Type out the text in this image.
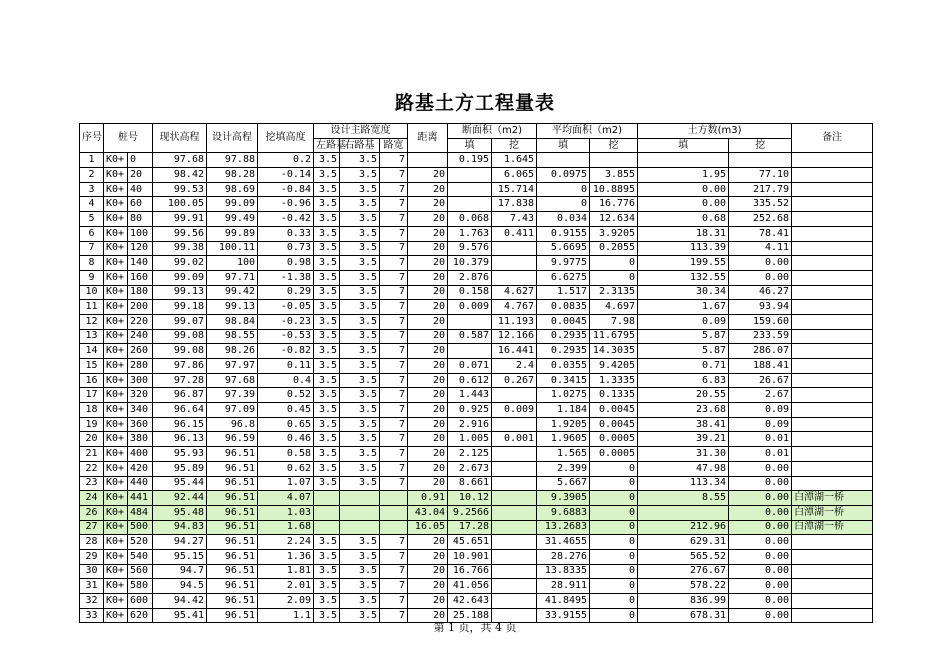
路基土方工程量表
序号	桩号		现状高程	设计高程	挖填高度	设计主路宽度			距离	断面积（m2)		平均面积（m2)		土方数(m3)		备注
						左路基	右路基	路宽		填	挖	填	挖	填	挖	
1	K0+	0	97.68	97.88	0.2	3.5	3.5	7		0.195	1.645					
2	K0+	20	98.42	98.28	-0.14	3.5	3.5	7	20		6.065	0.0975	3.855	1.95	77.10	
3	K0+	40	99.53	98.69	-0.84	3.5	3.5	7	20		15.714	0	10.8895	0.00	217.79	
4	K0+	60	100.05	99.09	-0.96	3.5	3.5	7	20		17.838	0	16.776	0.00	335.52	
5	K0+	80	99.91	99.49	-0.42	3.5	3.5	7	20	0.068	7.43	0.034	12.634	0.68	252.68	
6	K0+	100	99.56	99.89	0.33	3.5	3.5	7	20	1.763	0.411	0.9155	3.9205	18.31	78.41	
7	K0+	120	99.38	100.11	0.73	3.5	3.5	7	20	9.576		5.6695	0.2055	113.39	4.11	
8	K0+	140	99.02	100	0.98	3.5	3.5	7	20	10.379		9.9775	0	199.55	0.00	
9	K0+	160	99.09	97.71	-1.38	3.5	3.5	7	20	2.876		6.6275	0	132.55	0.00	
10	K0+	180	99.13	99.42	0.29	3.5	3.5	7	20	0.158	4.627	1.517	2.3135	30.34	46.27	
11	K0+	200	99.18	99.13	-0.05	3.5	3.5	7	20	0.009	4.767	0.0835	4.697	1.67	93.94	
12	K0+	220	99.07	98.84	-0.23	3.5	3.5	7	20		11.193	0.0045	7.98	0.09	159.60	
13	K0+	240	99.08	98.55	-0.53	3.5	3.5	7	20	0.587	12.166	0.2935	11.6795	5.87	233.59	
14	K0+	260	99.08	98.26	-0.82	3.5	3.5	7	20		16.441	0.2935	14.3035	5.87	286.07	
15	K0+	280	97.86	97.97	0.11	3.5	3.5	7	20	0.071	2.4	0.0355	9.4205	0.71	188.41	
16	K0+	300	97.28	97.68	0.4	3.5	3.5	7	20	0.612	0.267	0.3415	1.3335	6.83	26.67	
17	K0+	320	96.87	97.39	0.52	3.5	3.5	7	20	1.443		1.0275	0.1335	20.55	2.67	
18	K0+	340	96.64	97.09	0.45	3.5	3.5	7	20	0.925	0.009	1.184	0.0045	23.68	0.09	
19	K0+	360	96.15	96.8	0.65	3.5	3.5	7	20	2.916		1.9205	0.0045	38.41	0.09	
20	K0+	380	96.13	96.59	0.46	3.5	3.5	7	20	1.005	0.001	1.9605	0.0005	39.21	0.01	
21	K0+	400	95.93	96.51	0.58	3.5	3.5	7	20	2.125		1.565	0.0005	31.30	0.01	
22	K0+	420	95.89	96.51	0.62	3.5	3.5	7	20	2.673		2.399	0	47.98	0.00	
23	K0+	440	95.44	96.51	1.07	3.5	3.5	7	20	8.661		5.667	0	113.34	0.00	
24	K0+	441	92.44	96.51	4.07				0.91	10.12		9.3905	0	8.55	0.00	白潭湖一桥
26	K0+	484	95.48	96.51	1.03				43.04	9.2566		9.6883	0		0.00	白潭湖一桥
27	K0+	500	94.83	96.51	1.68				16.05	17.28		13.2683	0	212.96	0.00	白潭湖一桥
28	K0+	520	94.27	96.51	2.24	3.5	3.5	7	20	45.651		31.4655	0	629.31	0.00	
29	K0+	540	95.15	96.51	1.36	3.5	3.5	7	20	10.901		28.276	0	565.52	0.00	
30	K0+	560	94.7	96.51	1.81	3.5	3.5	7	20	16.766		13.8335	0	276.67	0.00	
31	K0+	580	94.5	96.51	2.01	3.5	3.5	7	20	41.056		28.911	0	578.22	0.00	
32	K0+	600	94.42	96.51	2.09	3.5	3.5	7	20	42.643		41.8495	0	836.99	0.00	
33	K0+	620	95.41	96.51	1.1	3.5	3.5	7	20	25.188		33.9155	0	678.31	0.00	
第 1 页，共 4 页
